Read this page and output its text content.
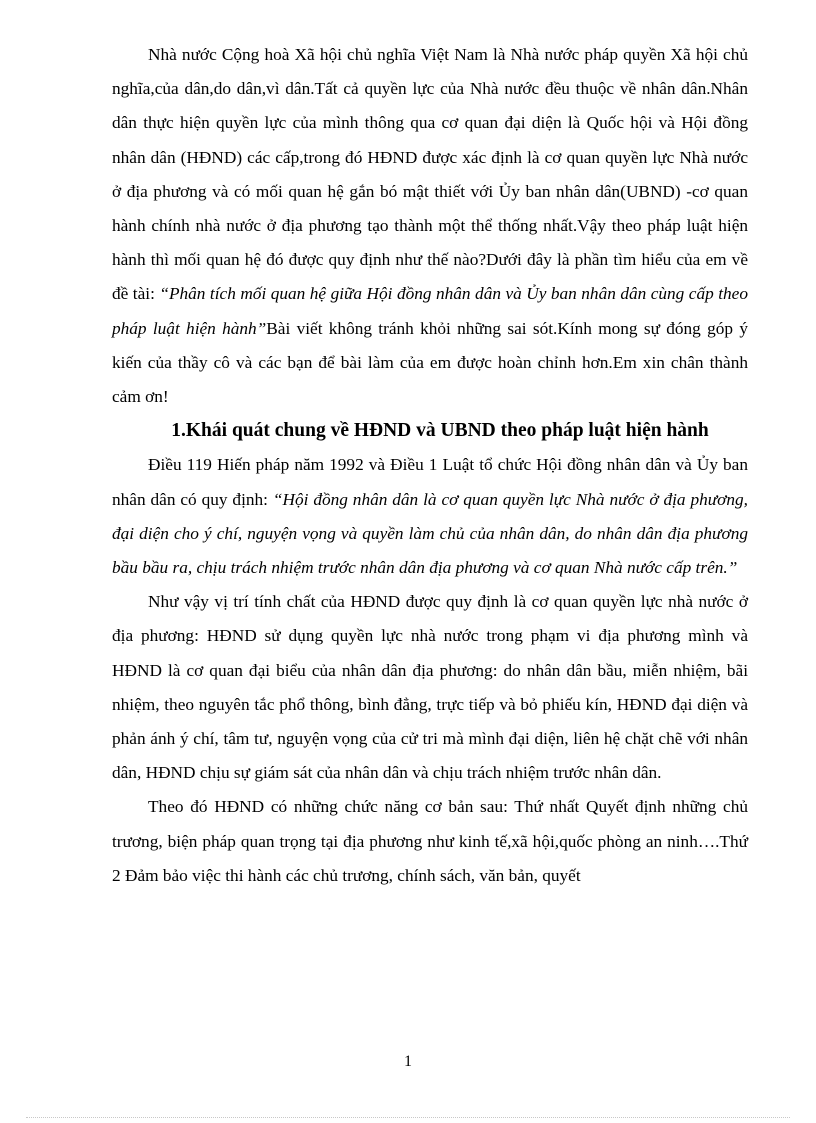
Nhà nước Cộng hoà Xã hội chủ nghĩa Việt Nam là Nhà nước pháp quyền Xã hội chủ nghĩa,của dân,do dân,vì dân.Tất cả quyền lực của Nhà nước đều thuộc về nhân dân.Nhân dân thực hiện quyền lực của mình thông qua cơ quan đại diện là Quốc hội và Hội đồng nhân dân (HĐND) các cấp,trong đó HĐND được xác định là cơ quan quyền lực Nhà nước ở địa phương và có mối quan hệ gắn bó mật thiết với Ủy ban nhân dân(UBND) -cơ quan hành chính nhà nước ở địa phương tạo thành một thể thống nhất.Vậy theo pháp luật hiện hành thì mối quan hệ đó được quy định như thế nào?Dưới đây là phần tìm hiểu của em về đề tài: “Phân tích mối quan hệ giữa Hội đồng nhân dân và Ủy ban nhân dân cùng cấp theo pháp luật hiện hành”Bài viết không tránh khỏi những sai sót.Kính mong sự đóng góp ý kiến của thầy cô và các bạn để bài làm của em được hoàn chỉnh hơn.Em xin chân thành cảm ơn!

1.Khái quát chung về HĐND và UBND theo pháp luật hiện hành

Điều 119 Hiến pháp năm 1992 và Điều 1 Luật tổ chức Hội đồng nhân dân và Ủy ban nhân dân có quy định: “Hội đồng nhân dân là cơ quan quyền lực Nhà nước ở địa phương, đại diện cho ý chí, nguyện vọng và quyền làm chủ của nhân dân, do nhân dân địa phương bầu bầu ra, chịu trách nhiệm trước nhân dân địa phương và cơ quan Nhà nước cấp trên.”

Như vậy vị trí tính chất của HĐND được quy định là cơ quan quyền lực nhà nước ở địa phương: HĐND sử dụng quyền lực nhà nước trong phạm vi địa phương mình và HĐND là cơ quan đại biểu của nhân dân địa phương: do nhân dân bầu, miễn nhiệm, bãi nhiệm, theo nguyên tắc phổ thông, bình đẳng, trực tiếp và bỏ phiếu kín, HĐND đại diện và phản ánh ý chí, tâm tư, nguyện vọng của cử tri mà mình đại diện, liên hệ chặt chẽ với nhân dân, HĐND chịu sự giám sát của nhân dân và chịu trách nhiệm trước nhân dân.

Theo đó HĐND có những chức năng cơ bản sau: Thứ nhất Quyết định những chủ trương, biện pháp quan trọng tại địa phương như kinh tế,xã hội,quốc phòng an ninh….Thứ 2 Đảm bảo việc thi hành các chủ trương, chính sách, văn bản, quyết

1
